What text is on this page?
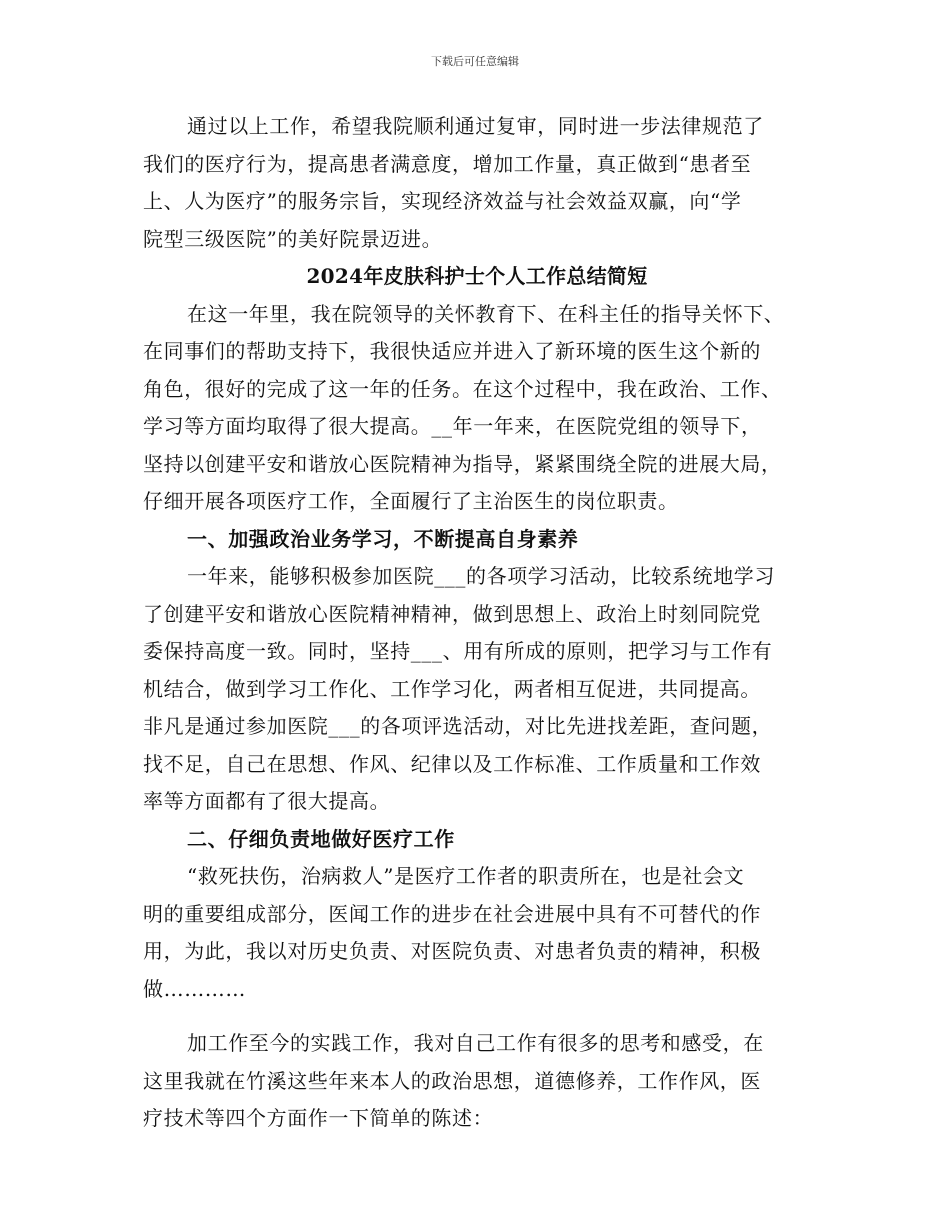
下载后可任意编辑
通过以上工作，希望我院顺利通过复审，同时进一步法律规范了
我们的医疗行为，提高患者满意度，增加工作量，真正做到“患者至
上、人为医疗”的服务宗旨，实现经济效益与社会效益双赢，向“学
院型三级医院”的美好院景迈进。
2024年皮肤科护士个人工作总结简短
在这一年里，我在院领导的关怀教育下、在科主任的指导关怀下、
在同事们的帮助支持下，我很快适应并进入了新环境的医生这个新的
角色，很好的完成了这一年的任务。在这个过程中，我在政治、工作、
学习等方面均取得了很大提高。__年一年来，在医院党组的领导下，
坚持以创建平安和谐放心医院精神为指导，紧紧围绕全院的进展大局，
仔细开展各项医疗工作，全面履行了主治医生的岗位职责。
一、加强政治业务学习，不断提高自身素养
一年来，能够积极参加医院___的各项学习活动，比较系统地学习
了创建平安和谐放心医院精神精神，做到思想上、政治上时刻同院党
委保持高度一致。同时，坚持___、用有所成的原则，把学习与工作有
机结合，做到学习工作化、工作学习化，两者相互促进，共同提高。
非凡是通过参加医院___的各项评选活动，对比先进找差距，查问题，
找不足，自己在思想、作风、纪律以及工作标准、工作质量和工作效
率等方面都有了很大提高。
二、仔细负责地做好医疗工作
“救死扶伤，治病救人”是医疗工作者的职责所在，也是社会文
明的重要组成部分，医闻工作的进步在社会进展中具有不可替代的作
用，为此，我以对历史负责、对医院负责、对患者负责的精神，积极
做…………
加工作至今的实践工作，我对自己工作有很多的思考和感受，在
这里我就在竹溪这些年来本人的政治思想，道德修养，工作作风，医
疗技术等四个方面作一下简单的陈述：
